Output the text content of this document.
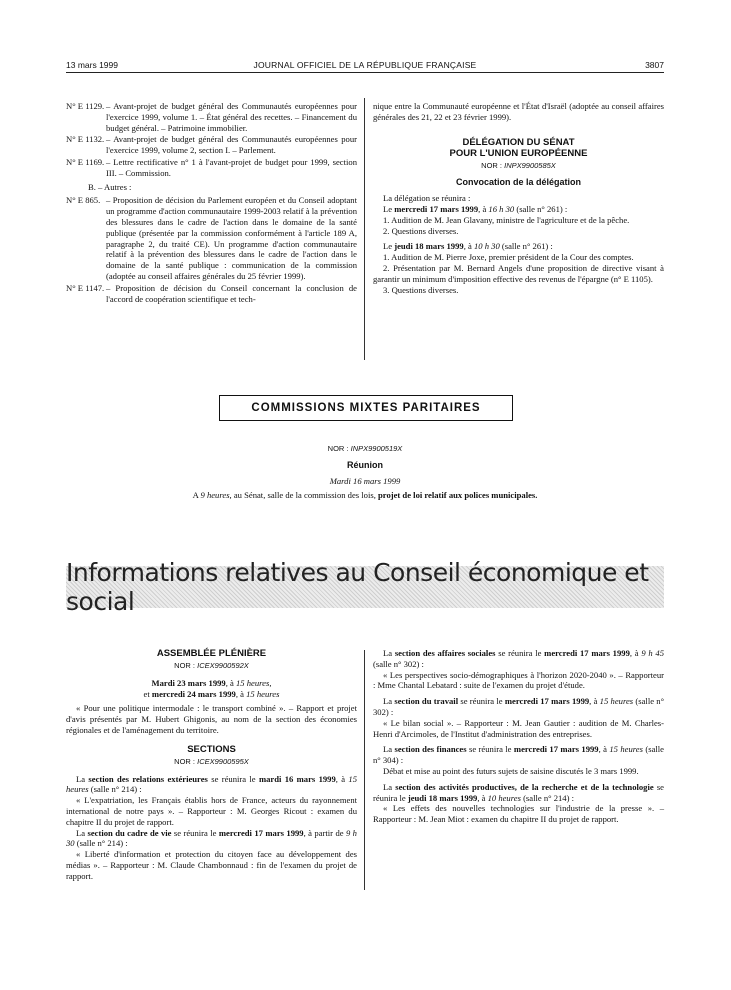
13 mars 1999	JOURNAL OFFICIEL DE LA RÉPUBLIQUE FRANÇAISE	3807
N° E 1129. – Avant-projet de budget général des Communautés européennes pour l'exercice 1999, volume 1. – État général des recettes. – Financement du budget général. – Patrimoine immobilier.
N° E 1132. – Avant-projet de budget général des Communautés européennes pour l'exercice 1999, volume 2, section I. – Parlement.
N° E 1169. – Lettre rectificative n° 1 à l'avant-projet de budget pour 1999, section III. – Commission.
B. – Autres :
N° E 865. – Proposition de décision du Parlement européen et du Conseil adoptant un programme d'action communautaire 1999-2003 relatif à la prévention des blessures dans le cadre de l'action dans le domaine de la santé publique (présentée par la commission conformément à l'article 189 A, paragraphe 2, du traité CE). Un programme d'action communautaire relatif à la prévention des blessures dans le cadre de l'action dans le domaine de la santé publique : communication de la commission (adoptée au conseil affaires générales du 25 février 1999).
N° E 1147. – Proposition de décision du Conseil concernant la conclusion de l'accord de coopération scientifique et tech-

nique entre la Communauté européenne et l'État d'Israël (adoptée au conseil affaires générales des 21, 22 et 23 février 1999).

DÉLÉGATION DU SÉNAT
POUR L'UNION EUROPÉENNE
NOR : INPX9900585X
Convocation de la délégation

La délégation se réunira :

Le mercredi 17 mars 1999, à 16 h 30 (salle n° 261) :

1. Audition de M. Jean Glavany, ministre de l'agriculture et de la pêche.

2. Questions diverses.

Le jeudi 18 mars 1999, à 10 h 30 (salle n° 261) :

1. Audition de M. Pierre Joxe, premier président de la Cour des comptes.

2. Présentation par M. Bernard Angels d'une proposition de directive visant à garantir un minimum d'imposition effective des revenus de l'épargne (n° E 1105).

3. Questions diverses.

COMMISSIONS MIXTES PARITAIRES
NOR : INPX9900519X
Réunion
Mardi 16 mars 1999
A 9 heures, au Sénat, salle de la commission des lois, projet de loi relatif aux polices municipales.
Informations relatives au Conseil économique et social
ASSEMBLÉE PLÉNIÈRE
NOR : ICEX9900592X
Mardi 23 mars 1999, à 15 heures,
et mercredi 24 mars 1999, à 15 heures

« Pour une politique intermodale : le transport combiné ». – Rapport et projet d'avis présentés par M. Hubert Ghigonis, au nom de la section des économies régionales et de l'aménagement du territoire.

SECTIONS
NOR : ICEX9900595X

La section des relations extérieures se réunira le mardi 16 mars 1999, à 15 heures (salle n° 214) :

« L'expatriation, les Français établis hors de France, acteurs du rayonnement international de notre pays ». – Rapporteur : M. Georges Ricout : examen du chapitre II du projet de rapport.

La section du cadre de vie se réunira le mercredi 17 mars 1999, à partir de 9 h 30 (salle n° 214) :

« Liberté d'information et protection du citoyen face au développement des médias ». – Rapporteur : M. Claude Chambonnaud : fin de l'examen du projet de rapport.

La section des affaires sociales se réunira le mercredi 17 mars 1999, à 9 h 45 (salle n° 302) :

« Les perspectives socio-démographiques à l'horizon 2020-2040 ». – Rapporteur : Mme Chantal Lebatard : suite de l'examen du projet d'étude.

La section du travail se réunira le mercredi 17 mars 1999, à 15 heures (salle n° 302) :

« Le bilan social ». – Rapporteur : M. Jean Gautier : audition de M. Charles-Henri d'Arcimoles, de l'Institut d'administration des entreprises.

La section des finances se réunira le mercredi 17 mars 1999, à 15 heures (salle n° 304) :

Débat et mise au point des futurs sujets de saisine discutés le 3 mars 1999.

La section des activités productives, de la recherche et de la technologie se réunira le jeudi 18 mars 1999, à 10 heures (salle n° 214) :

« Les effets des nouvelles technologies sur l'industrie de la presse ». – Rapporteur : M. Jean Miot : examen du chapitre II du projet de rapport.
